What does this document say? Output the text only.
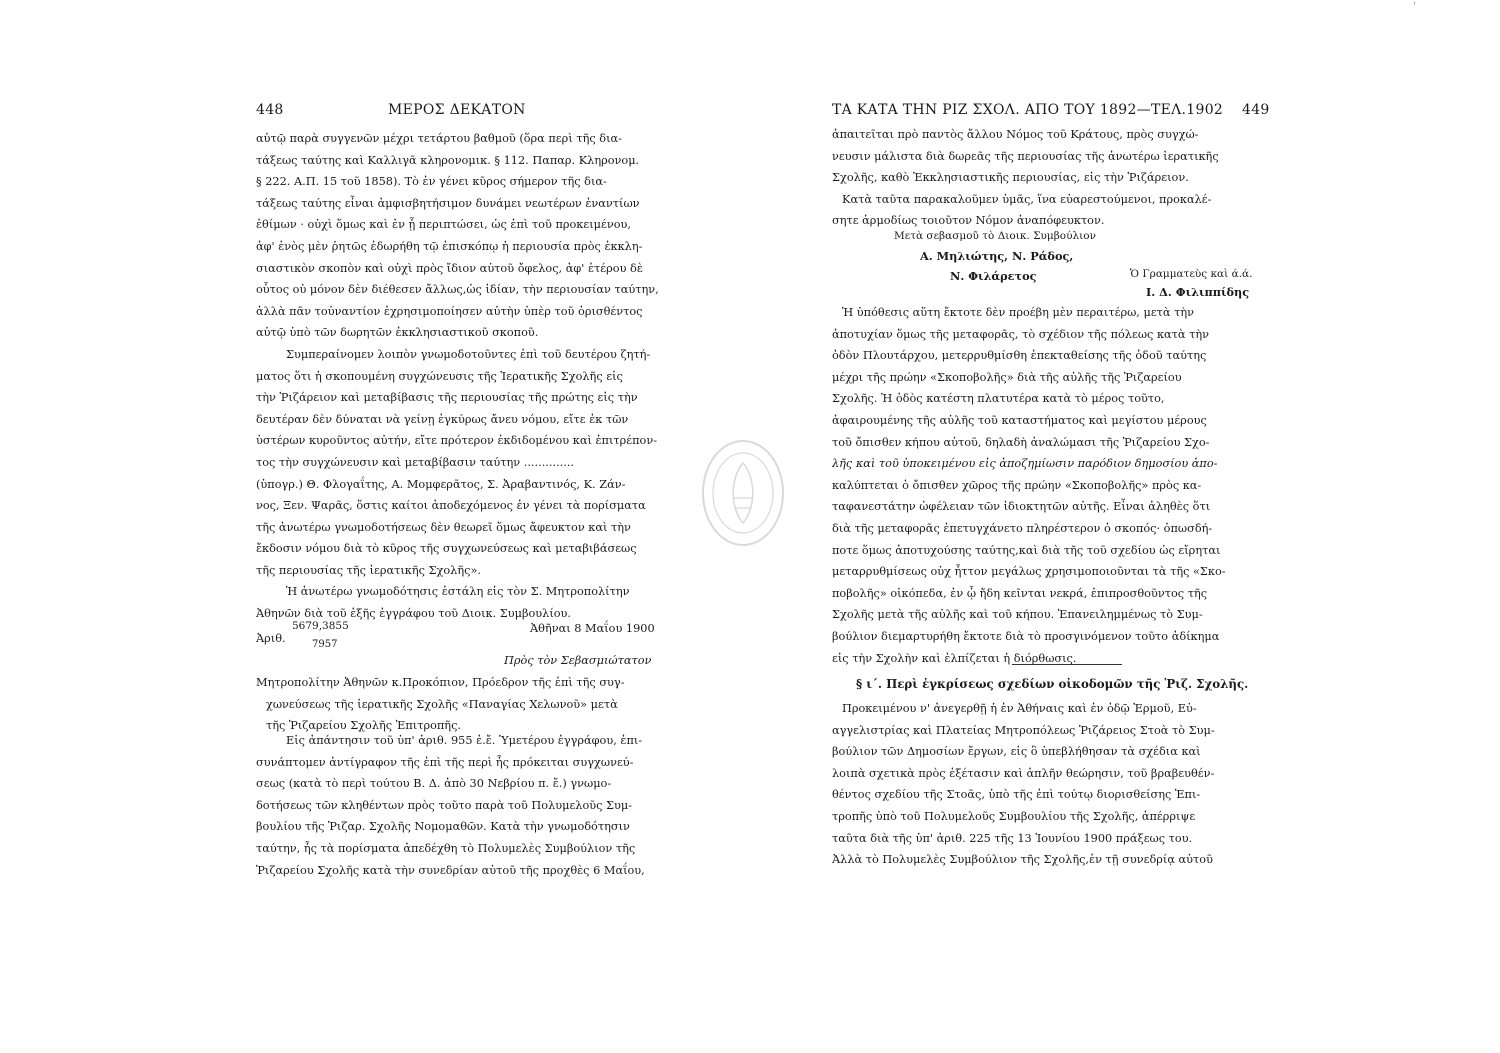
ˈ
448	ΜΕΡΟΣ ΔΕΚΑΤΟΝ
αὐτῷ παρὰ συγγενῶν μέχρι τετάρτου βαθμοῦ (ὅρα περὶ τῆς δια-
τάξεως ταύτης καὶ Καλλιγᾶ κληρονομικ. § 112. Παπαρ. Κληρονομ.
§ 222. Α.Π. 15 τοῦ 1858). Τὸ ἐν γένει κῦρος σήμερον τῆς δια-
τάξεως ταύτης εἶναι ἀμφισβητήσιμον δυνάμει νεωτέρων ἐναντίων
ἐθίμων · οὐχὶ ὅμως καὶ ἐν ᾗ περιπτώσει, ὡς ἐπὶ τοῦ προκειμένου,
ἀφ' ἑνὸς μὲν ῥητῶς ἐδωρήθη τῷ ἐπισκόπῳ ἡ περιουσία πρὸς ἐκκλη-
σιαστικὸν σκοπὸν καὶ οὐχὶ πρὸς ἴδιον αὐτοῦ ὄφελος, ἀφ' ἑτέρου δὲ
οὗτος οὐ μόνον δὲν διέθεσεν ἄλλως,ὡς ἰδίαν, τὴν περιουσίαν ταύτην,
ἀλλὰ πᾶν τοὐναντίον ἐχρησιμοποίησεν αὐτὴν ὑπὲρ τοῦ ὁρισθέντος
αὐτῷ ὑπὸ τῶν δωρητῶν ἐκκλησιαστικοῦ σκοποῦ.
Συμπεραίνομεν λοιπὸν γνωμοδοτοῦντες ἐπὶ τοῦ δευτέρου ζητή-
ματος ὅτι ἡ σκοπουμένη συγχώνευσις τῆς Ἱερατικῆς Σχολῆς εἰς
τὴν Ῥιζάρειον καὶ μεταβίβασις τῆς περιουσίας τῆς πρώτης εἰς τὴν
δευτέραν δὲν δύναται νὰ γείνῃ ἐγκύρως ἄνευ νόμου, εἴτε ἐκ τῶν
ὑστέρων κυροῦντος αὐτήν, εἴτε πρότερον ἐκδιδομένου καὶ ἐπιτρέπον-
τος τὴν συγχώνευσιν καὶ μεταβίβασιν ταύτην ..............
(ὑπογρ.) Θ. Φλογαΐτης, Α. Μομφερᾶτος, Σ. Ἀραβαντινός, Κ. Ζάν-
νος, Ξεν. Ψαρᾶς, ὅστις καίτοι ἀποδεχόμενος ἐν γένει τὰ πορίσματα
τῆς ἀνωτέρω γνωμοδοτήσεως δὲν θεωρεῖ ὅμως ἄφευκτον καὶ τὴν
ἔκδοσιν νόμου διὰ τὸ κῦρος τῆς συγχωνεύσεως καὶ μεταβιβάσεως
τῆς περιουσίας τῆς ἱερατικῆς Σχολῆς».
Ἡ ἀνωτέρω γνωμοδότησις ἐστάλη εἰς τὸν Σ. Μητροπολίτην
Ἀθηνῶν διὰ τοῦ ἑξῆς ἐγγράφου τοῦ Διοικ. Συμβουλίου.
Ἀριθ.
5679,3855
7957
Ἀθῆναι 8 Μαΐου 1900
Πρὸς τὸν Σεβασμιώτατον
Μητροπολίτην Ἀθηνῶν κ.Προκόπιον, Πρόεδρον τῆς ἐπὶ τῆς συγ-
χωνεύσεως τῆς ἱερατικῆς Σχολῆς «Παναγίας Χελωνοῦ» μετὰ
τῆς Ῥιζαρείου Σχολῆς Ἐπιτροπῆς.
Εἰς ἀπάντησιν τοῦ ὑπ' ἀριθ. 955 ἐ.ἔ. Ὑμετέρου ἐγγράφου, ἐπι-
συνάπτομεν ἀντίγραφον τῆς ἐπὶ τῆς περὶ ἧς πρόκειται συγχωνεύ-
σεως (κατὰ τὸ περὶ τούτου Β. Δ. ἀπὸ 30 Νεβρίου π. ἔ.) γνωμο-
δοτήσεως τῶν κληθέντων πρὸς τοῦτο παρὰ τοῦ Πολυμελοῦς Συμ-
βουλίου τῆς Ῥιζαρ. Σχολῆς Νομομαθῶν. Κατὰ τὴν γνωμοδότησιν
ταύτην, ἧς τὰ πορίσματα ἀπεδέχθη τὸ Πολυμελὲς Συμβούλιον τῆς
Ῥιζαρείου Σχολῆς κατὰ τὴν συνεδρίαν αὐτοῦ τῆς προχθὲς 6 Μαΐου,
ΤΑ ΚΑΤΑ ΤΗΝ ΡΙΖ ΣΧΟΛ. ΑΠΟ ΤΟΥ 1892—ΤΕΛ.1902 449
ἀπαιτεῖται πρὸ παντὸς ἄλλου Νόμος τοῦ Κράτους, πρὸς συγχώ-
νευσιν μάλιστα διὰ δωρεᾶς τῆς περιουσίας τῆς ἀνωτέρω ἱερατικῆς
Σχολῆς, καθὸ Ἐκκλησιαστικῆς περιουσίας, εἰς τὴν Ῥιζάρειον.
Κατὰ ταῦτα παρακαλοῦμεν ὑμᾶς, ἵνα εὐαρεστούμενοι, προκαλέ-
σητε ἁρμοδίως τοιοῦτον Νόμον ἀναπόφευκτον.
Μετὰ σεβασμοῦ τὸ Διοικ. Συμβούλιον
Α. Μηλιώτης, Ν. Ράδος,
Ν. Φιλάρετος	Ὁ Γραμματεὺς καὶ ά.ά.
Ι. Δ. Φιλιππίδης
Ἡ ὑπόθεσις αὕτη ἔκτοτε δὲν προέβη μὲν περαιτέρω, μετὰ τὴν
ἀποτυχίαν ὅμως τῆς μεταφορᾶς, τὸ σχέδιον τῆς πόλεως κατὰ τὴν
ὁδὸν Πλουτάρχου, μετερρυθμίσθη ἐπεκταθείσης τῆς ὁδοῦ ταύτης
μέχρι τῆς πρώην «Σκοποβολῆς» διὰ τῆς αὐλῆς τῆς Ῥιζαρείου
Σχολῆς. Ἡ ὁδὸς κατέστη πλατυτέρα κατὰ τὸ μέρος τοῦτο,
ἀφαιρουμένης τῆς αὐλῆς τοῦ καταστήματος καὶ μεγίστου μέρους
τοῦ ὄπισθεν κήπου αὐτοῦ, δηλαδὴ ἀναλώμασι τῆς Ῥιζαρείου Σχο-
λῆς καὶ τοῦ ὑποκειμένου εἰς ἀποζημίωσιν παρόδιον δημοσίου ἀπο-
καλύπτεται ὁ ὄπισθεν χῶρος τῆς πρώην «Σκοποβολῆς» πρὸς κα-
ταφανεστάτην ὠφέλειαν τῶν ἰδιοκτητῶν αὐτῆς. Εἶναι ἀληθὲς ὅτι
διὰ τῆς μεταφορᾶς ἐπετυγχάνετο πληρέστερον ὁ σκοπός· ὁπωσδή-
ποτε ὅμως ἀποτυχούσης ταύτης,καὶ διὰ τῆς τοῦ σχεδίου ὡς εἴρηται
μεταρρυθμίσεως οὐχ ἧττον μεγάλως χρησιμοποιοῦνται τὰ τῆς «Σκο-
ποβολῆς» οἰκόπεδα, ἐν ᾧ ἤδη κεῖνται νεκρά, ἐπιπροσθοῦντος τῆς
Σχολῆς μετὰ τῆς αὐλῆς καὶ τοῦ κήπου. Ἐπανειλημμένως τὸ Συμ-
βούλιον διεμαρτυρήθη ἔκτοτε διὰ τὸ προσγινόμενον τοῦτο ἀδίκημα
εἰς τὴν Σχολὴν καὶ ἐλπίζεται ἡ διόρθωσις.
§ ι΄. Περὶ ἐγκρίσεως σχεδίων οἰκοδομῶν τῆς Ῥιζ. Σχολῆς.
Προκειμένου ν' ἀνεγερθῇ ἡ ἐν Ἀθήναις καὶ ἐν ὁδῷ Ἑρμοῦ, Εὐ-
αγγελιστρίας καὶ Πλατείας Μητροπόλεως Ῥιζάρειος Στοὰ τὸ Συμ-
βούλιον τῶν Δημοσίων ἔργων, εἰς ὃ ὑπεβλήθησαν τὰ σχέδια καὶ
λοιπὰ σχετικὰ πρὸς ἐξέτασιν καὶ ἁπλῆν θεώρησιν, τοῦ βραβευθέν-
θέντος σχεδίου τῆς Στοᾶς, ὑπὸ τῆς ἐπὶ τούτῳ διορισθείσης Ἐπι-
τροπῆς ὑπὸ τοῦ Πολυμελοῦς Συμβουλίου τῆς Σχολῆς, ἀπέρριψε
ταῦτα διὰ τῆς ὑπ' ἀριθ. 225 τῆς 13 Ἰουνίου 1900 πράξεως του.
Ἀλλὰ τὸ Πολυμελὲς Συμβούλιον τῆς Σχολῆς,ἐν τῇ συνεδρίᾳ αὐτοῦ
